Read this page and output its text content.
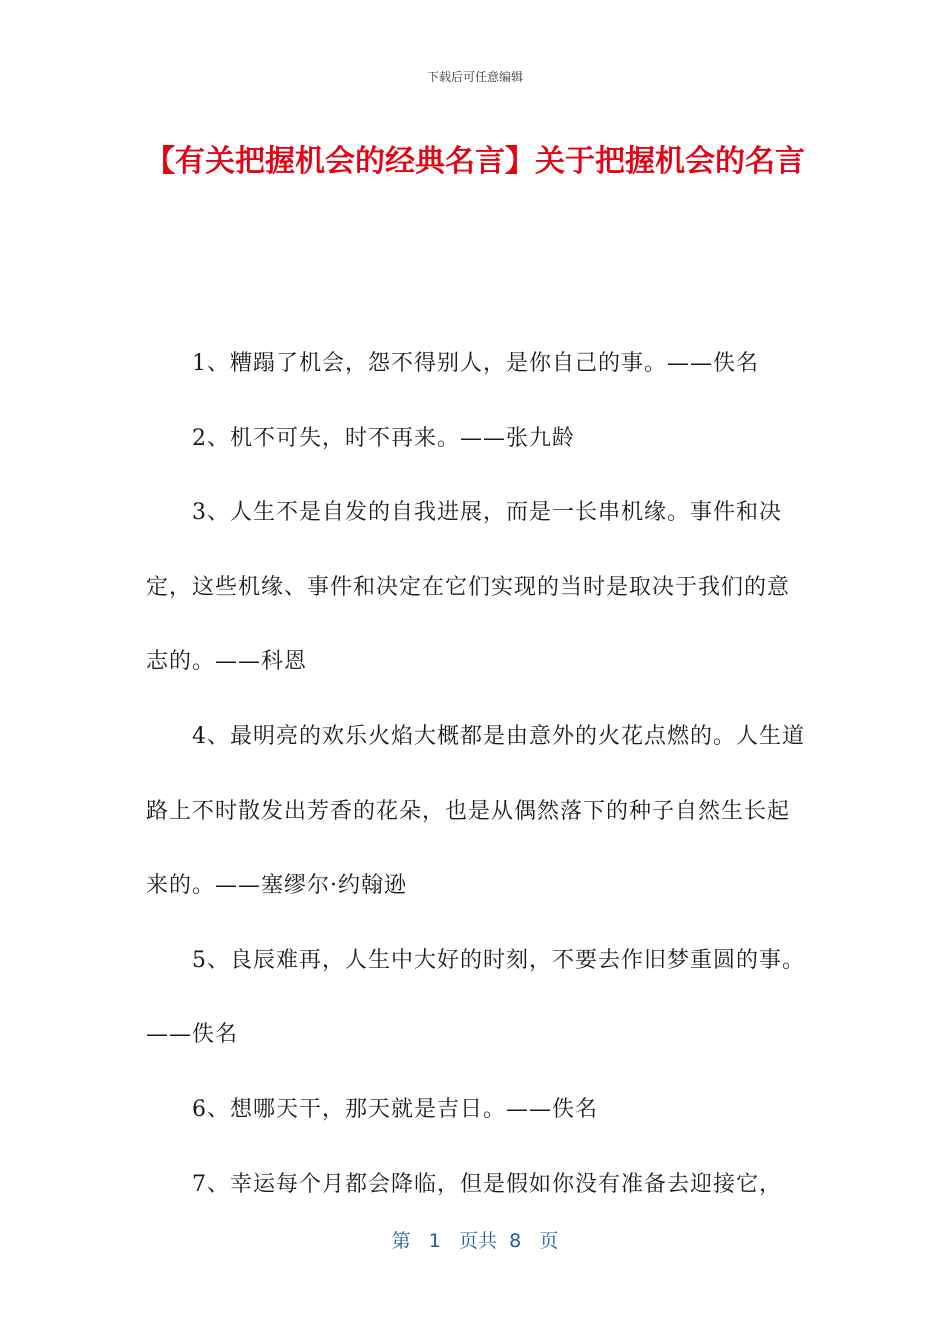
下载后可任意编辑
【有关把握机会的经典名言】关于把握机会的名言

1、糟蹋了机会，怨不得别人，是你自己的事。——佚名

2、机不可失，时不再来。——张九龄

3、人生不是自发的自我进展，而是一长串机缘。事件和决定，这些机缘、事件和决定在它们实现的当时是取决于我们的意志的。——科恩

4、最明亮的欢乐火焰大概都是由意外的火花点燃的。人生道路上不时散发出芳香的花朵，也是从偶然落下的种子自然生长起来的。——塞缪尔·约翰逊

5、良辰难再，人生中大好的时刻，不要去作旧梦重圆的事。——佚名

6、想哪天干，那天就是吉日。——佚名

7、幸运每个月都会降临，但是假如你没有准备去迎接它，

第 1 页共 8 页
